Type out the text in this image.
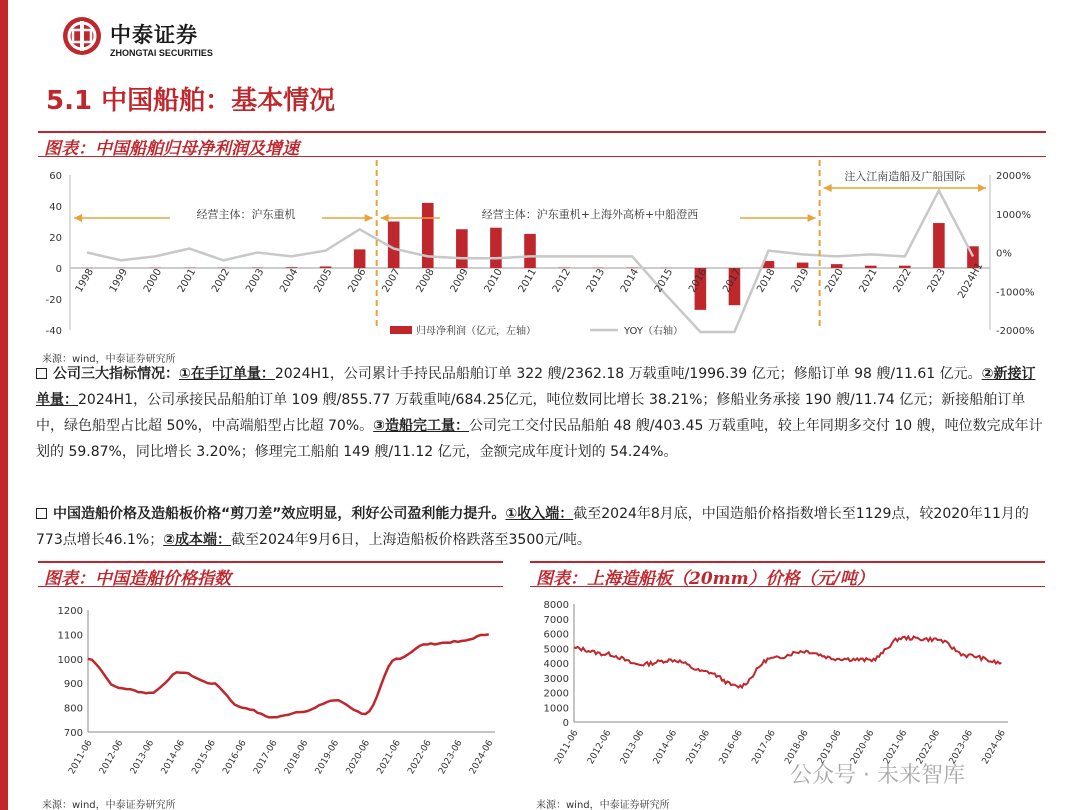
中泰证券
ZHONGTAI SECURITIES
5.1 中国船舶：基本情况
图表：中国船舶归母净利润及增速
1998 1999 2000 2001 2002 2003 2004 2005 2006 2007 2008 2009 2010 2011 2012 2013 2014 2015 2016 2017 2018 2019 2020 2021 2022 2023 2024H1
60
40
20
0
-20
-40
2000%
1000%
0%
-1000%
-2000%
经营主体：沪东重机	经营主体：沪东重机+上海外高桥+中船澄西
注入江南造船及广船国际
归母净利润（亿元，左轴）	YOY（右轴）
来源：wind，中泰证券研究所
公司三大指标情况：①在手订单量：2024H1，公司累计手持民品船舶订单 322 艘/2362.18 万载重吨/1996.39 亿元；修船订单 98 艘/11.61 亿元。②新接订单量：2024H1，公司承接民品船舶订单 109 艘/855.77 万载重吨/684.25亿元，吨位数同比增长 38.21%；修船业务承接 190 艘/11.74 亿元；新接船舶订单中，绿色船型占比超 50%，中高端船型占比超 70%。③造船完工量：公司完工交付民品船舶 48 艘/403.45 万载重吨，较上年同期多交付 10 艘，吨位数完成年计划的 59.87%，同比增长 3.20%；修理完工船舶 149 艘/11.12 亿元，金额完成年度计划的 54.24%。
中国造船价格及造船板价格“剪刀差”效应明显，利好公司盈利能力提升。①收入端：截至2024年8月底，中国造船价格指数增长至1129点，较2020年11月的773点增长46.1%；②成本端：截至2024年9月6日，上海造船板价格跌落至3500元/吨。
图表：中国造船价格指数
1200
1100
1000
900
800
700
2011-06 2012-06 2013-06 2014-06 2015-06 2016-06 2017-06 2018-06 2019-06 2020-06 2021-06 2022-06 2023-06 2024-06
来源：wind，中泰证券研究所
图表：上海造船板（20mm）价格（元/吨）
8000
7000
6000
5000
4000
3000
2000
1000
0
2011-06 2012-06 2013-06 2014-06 2015-06 2016-06 2017-06 2018-06 2019-06 2020-06 2021-06 2022-06 2023-06 2024-06
来源：wind，中泰证券研究所
公众号 · 未来智库
